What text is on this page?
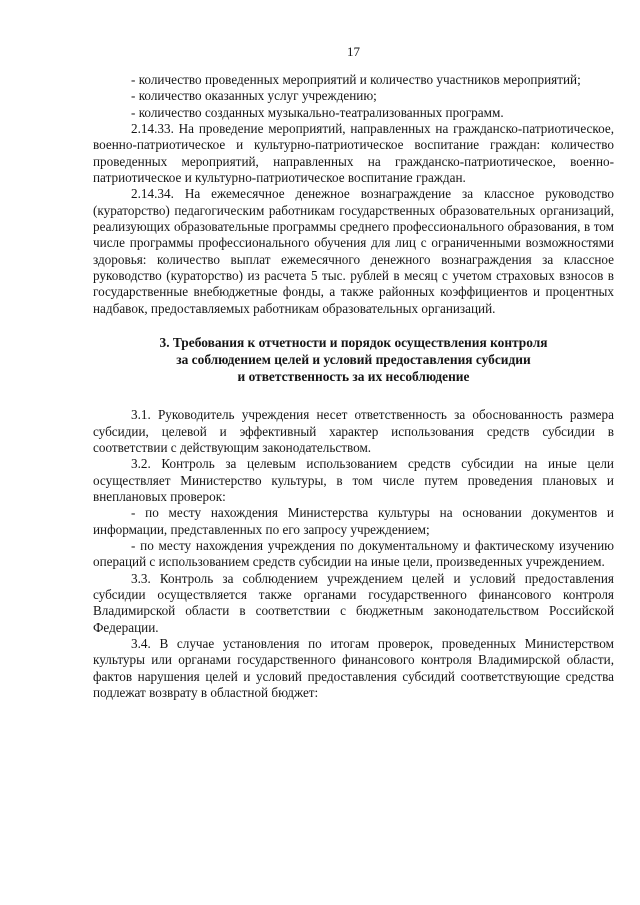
17

- количество проведенных мероприятий и количество участников мероприятий;

- количество оказанных услуг учреждению;

- количество созданных музыкально-театрализованных программ.

2.14.33. На проведение мероприятий, направленных на гражданско-патриотическое, военно-патриотическое и культурно-патриотическое воспитание граждан: количество проведенных мероприятий, направленных на гражданско-патриотическое, военно-патриотическое и культурно-патриотическое воспитание граждан.

2.14.34. На ежемесячное денежное вознаграждение за классное руководство (кураторство) педагогическим работникам государственных образовательных организаций, реализующих образовательные программы среднего профессионального образования, в том числе программы профессионального обучения для лиц с ограниченными возможностями здоровья: количество выплат ежемесячного денежного вознаграждения за классное руководство (кураторство) из расчета 5 тыс. рублей в месяц с учетом страховых взносов в государственные внебюджетные фонды, а также районных коэффициентов и процентных надбавок, предоставляемых работникам образовательных организаций.

3. Требования к отчетности и порядок осуществления контроля
за соблюдением целей и условий предоставления субсидии
и ответственность за их несоблюдение

3.1. Руководитель учреждения несет ответственность за обоснованность размера субсидии, целевой и эффективный характер использования средств субсидии в соответствии с действующим законодательством.

3.2. Контроль за целевым использованием средств субсидии на иные цели осуществляет Министерство культуры, в том числе путем проведения плановых и внеплановых проверок:

- по месту нахождения Министерства культуры на основании документов и информации, представленных по его запросу учреждением;

- по месту нахождения учреждения по документальному и фактическому изучению операций с использованием средств субсидии на иные цели, произведенных учреждением.

3.3. Контроль за соблюдением учреждением целей и условий предоставления субсидии осуществляется также органами государственного финансового контроля Владимирской области в соответствии с бюджетным законодательством Российской Федерации.

3.4. В случае установления по итогам проверок, проведенных Министерством культуры или органами государственного финансового контроля Владимирской области, фактов нарушения целей и условий предоставления субсидий соответствующие средства подлежат возврату в областной бюджет:
